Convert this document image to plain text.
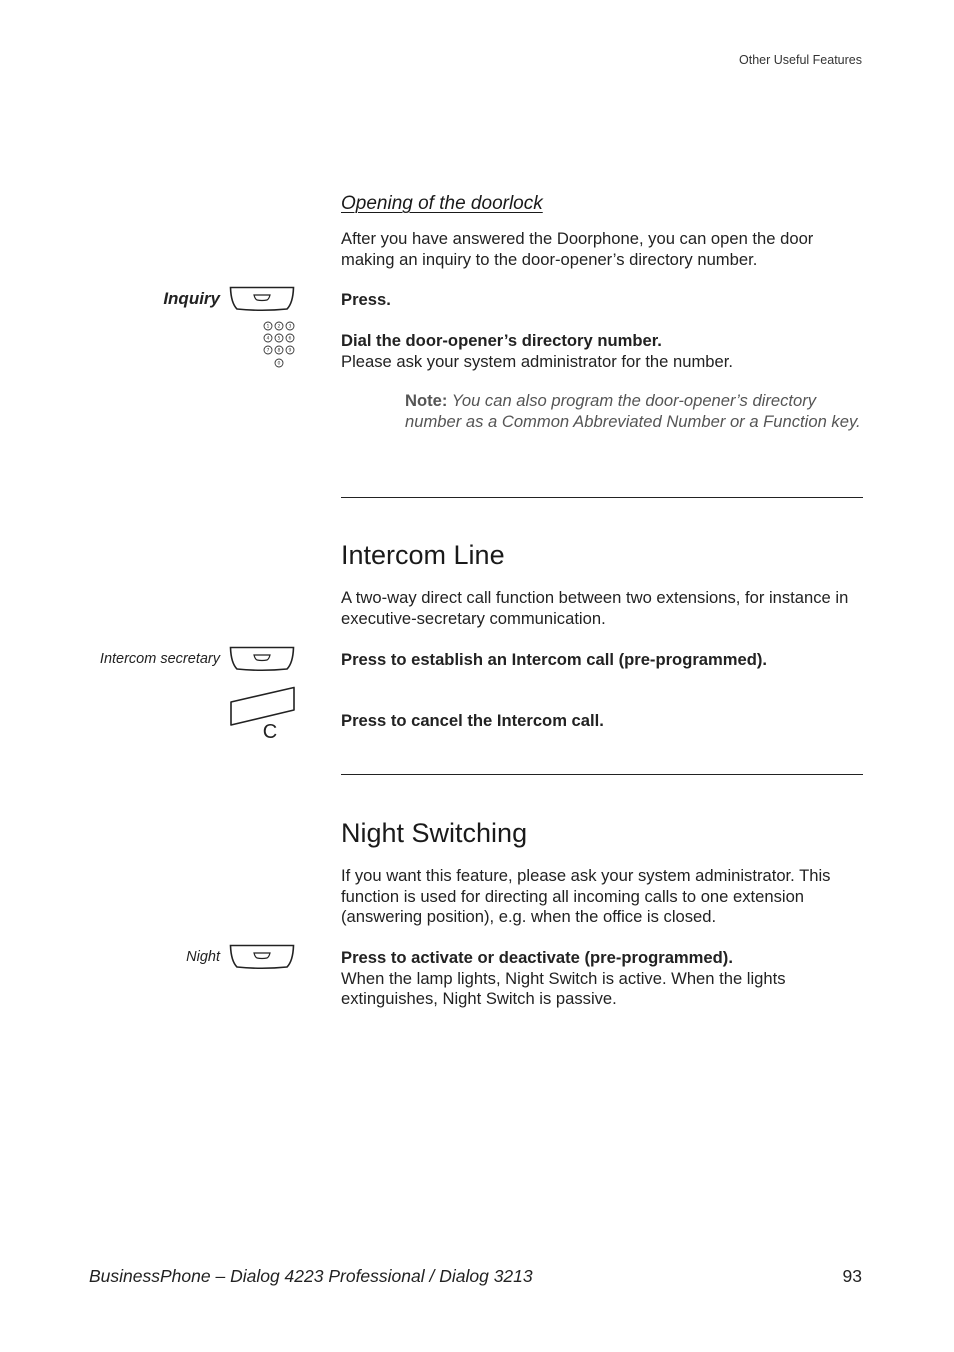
Other Useful Features
Opening of the doorlock
After you have answered the Doorphone, you can open the door making an inquiry to the door-opener’s directory number.
Inquiry	Press.
1 2 3
4 5 6
7 8 9
0
Dial the door-opener’s directory number.
Please ask your system administrator for the number.
Note: You can also program the door-opener’s directory number as a Common Abbreviated Number or a Function key.
Intercom Line
A two-way direct call function between two extensions, for instance in executive-secretary communication.
Intercom secretary	Press to establish an Intercom call (pre-programmed).
C
Press to cancel the Intercom call.
Night Switching
If you want this feature, please ask your system administrator. This function is used for directing all incoming calls to one extension (answering position), e.g. when the office is closed.
Night	Press to activate or deactivate (pre-programmed).
When the lamp lights, Night Switch is active. When the lights extinguishes, Night Switch is passive.
BusinessPhone – Dialog 4223 Professional / Dialog 3213	93
